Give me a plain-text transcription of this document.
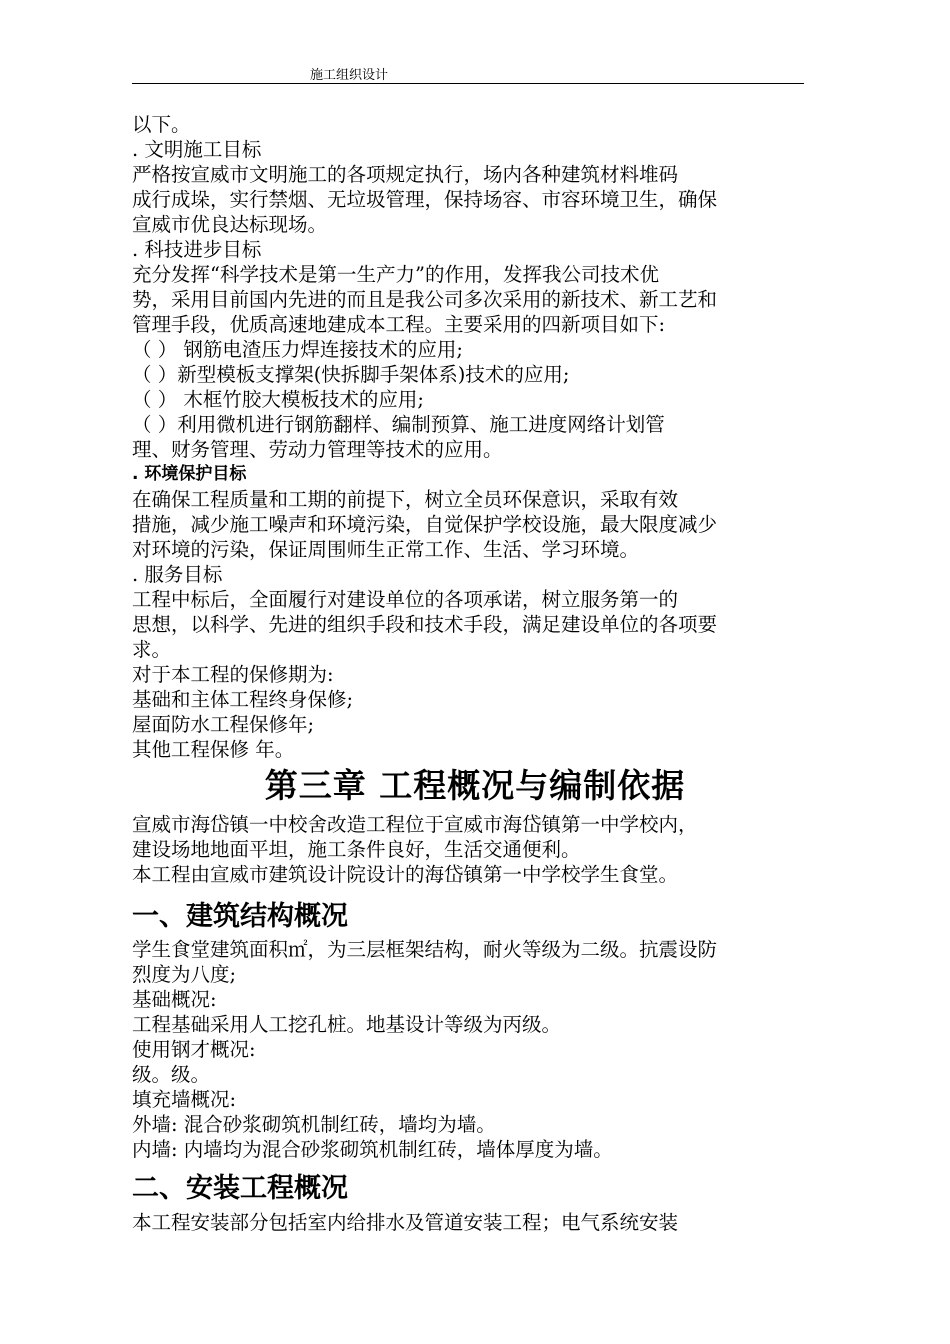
施工组织设计
以下。
. 文明施工目标
严格按宣威市文明施工的各项规定执行，场内各种建筑材料堆码
成行成垛，实行禁烟、无垃圾管理，保持场容、市容环境卫生，确保
宣威市优良达标现场。
. 科技进步目标
充分发挥“科学技术是第一生产力”的作用，发挥我公司技术优
势，采用目前国内先进的而且是我公司多次采用的新技术、新工艺和
管理手段，优质高速地建成本工程。主要采用的四新项目如下:
（ ） 钢筋电渣压力焊连接技术的应用;
（ ）新型模板支撑架(快拆脚手架体系)技术的应用;
（ ） 木框竹胶大模板技术的应用;
（ ）利用微机进行钢筋翻样、编制预算、施工进度网络计划管
理、财务管理、劳动力管理等技术的应用。
. 环境保护目标
在确保工程质量和工期的前提下，树立全员环保意识，采取有效
措施，减少施工噪声和环境污染，自觉保护学校设施，最大限度减少
对环境的污染，保证周围师生正常工作、生活、学习环境。
. 服务目标
工程中标后，全面履行对建设单位的各项承诺，树立服务第一的
思想，以科学、先进的组织手段和技术手段，满足建设单位的各项要
求。
对于本工程的保修期为:
基础和主体工程终身保修;
屋面防水工程保修年;
其他工程保修 年。
第三章 工程概况与编制依据
宣威市海岱镇一中校舍改造工程位于宣威市海岱镇第一中学校内，
建设场地地面平坦，施工条件良好，生活交通便利。
本工程由宣威市建筑设计院设计的海岱镇第一中学校学生食堂。
一、建筑结构概况
学生食堂建筑面积㎡，为三层框架结构，耐火等级为二级。抗震设防
烈度为八度;
基础概况:
工程基础采用人工挖孔桩。地基设计等级为丙级。
使用钢才概况:
级。级。
填充墙概况:
外墙: 混合砂浆砌筑机制红砖，墙均为墙。
内墙: 内墙均为混合砂浆砌筑机制红砖，墙体厚度为墙。
二、安装工程概况
本工程安装部分包括室内给排水及管道安装工程；电气系统安装
